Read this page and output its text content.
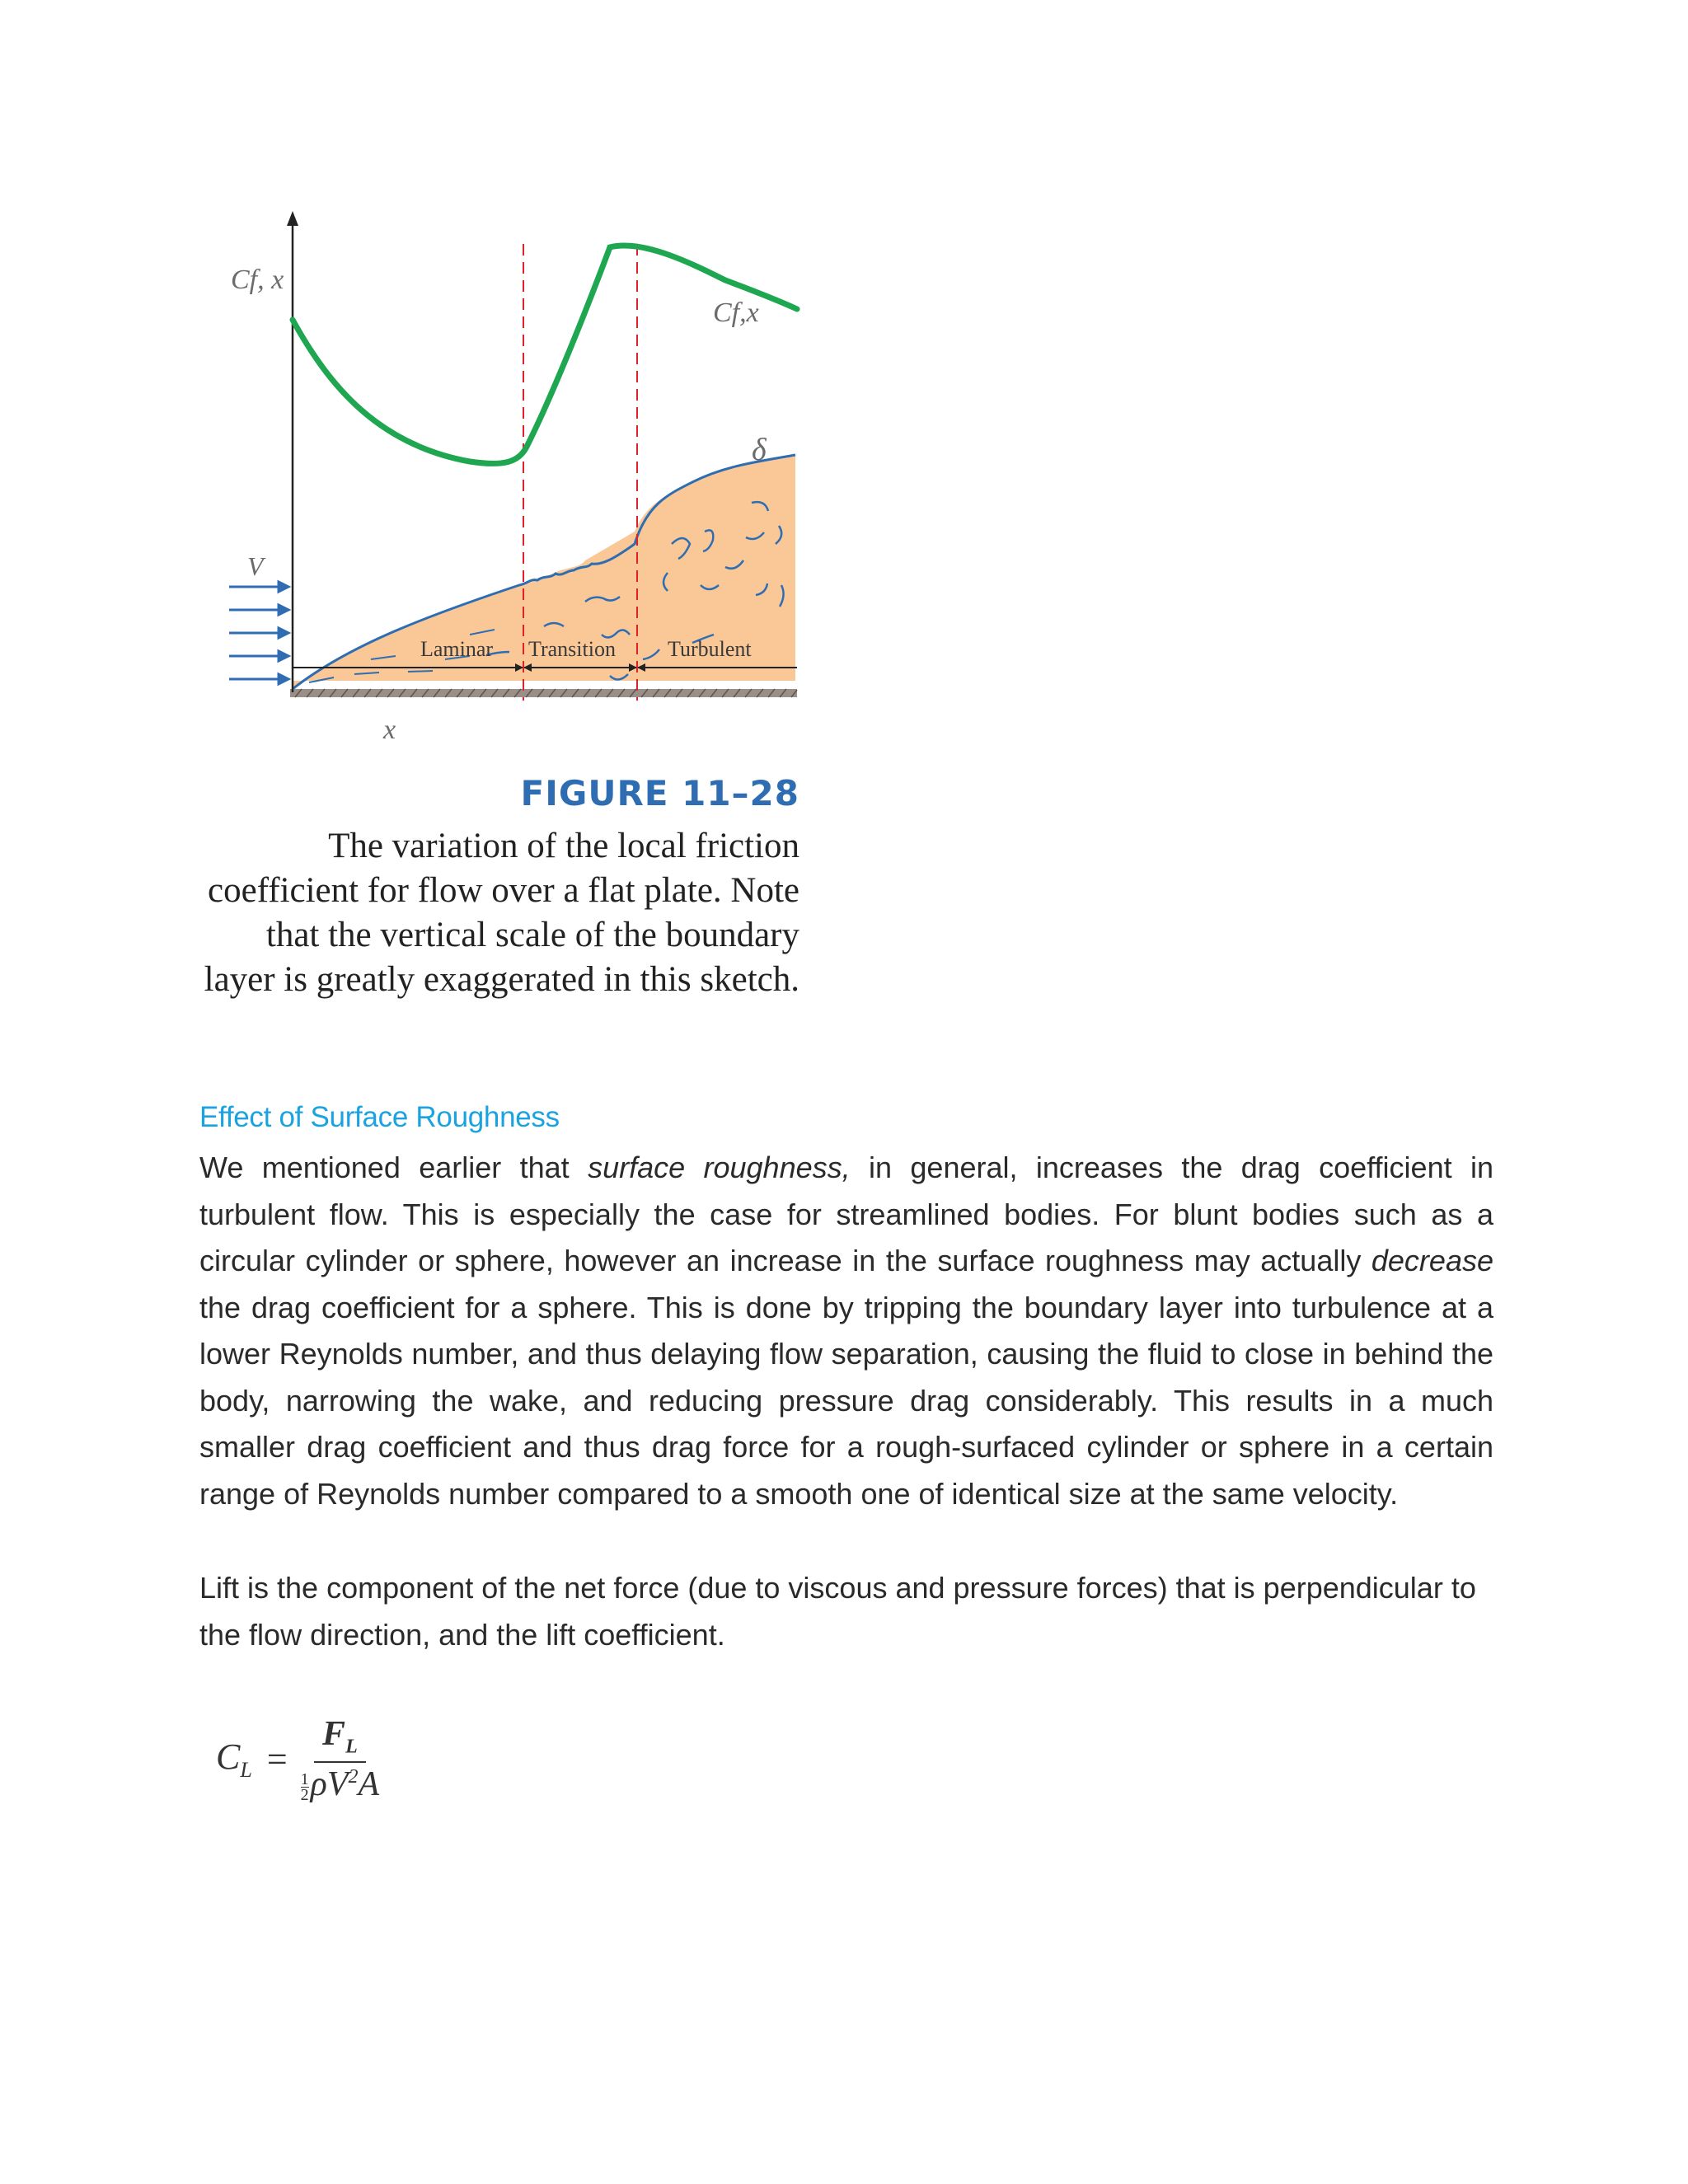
Cf, x
Cf,x
δ
V
x
Laminar Transition Turbulent
FIGURE 11–28
The variation of the local friction coefficient for flow over a flat plate. Note that the vertical scale of the boundary layer is greatly exaggerated in this sketch.
Effect of Surface Roughness

We mentioned earlier that surface roughness, in general, increases the drag coefficient in turbulent flow. This is especially the case for streamlined bodies. For blunt bodies such as a circular cylinder or sphere, however an increase in the surface roughness may actually decrease the drag coefficient for a sphere. This is done by tripping the boundary layer into turbulence at a lower Reynolds number, and thus delaying flow separation, causing the fluid to close in behind the body, narrowing the wake, and reducing pressure drag considerably. This results in a much smaller drag coefficient and thus drag force for a rough-surfaced cylinder or sphere in a certain range of Reynolds number compared to a smooth one of identical size at the same velocity.

Lift is the component of the net force (due to viscous and pressure forces) that is perpendicular to the flow direction, and the lift coefficient.

$C_L = \frac{F_L}{\frac{1}{2} \rho V^2A}$
